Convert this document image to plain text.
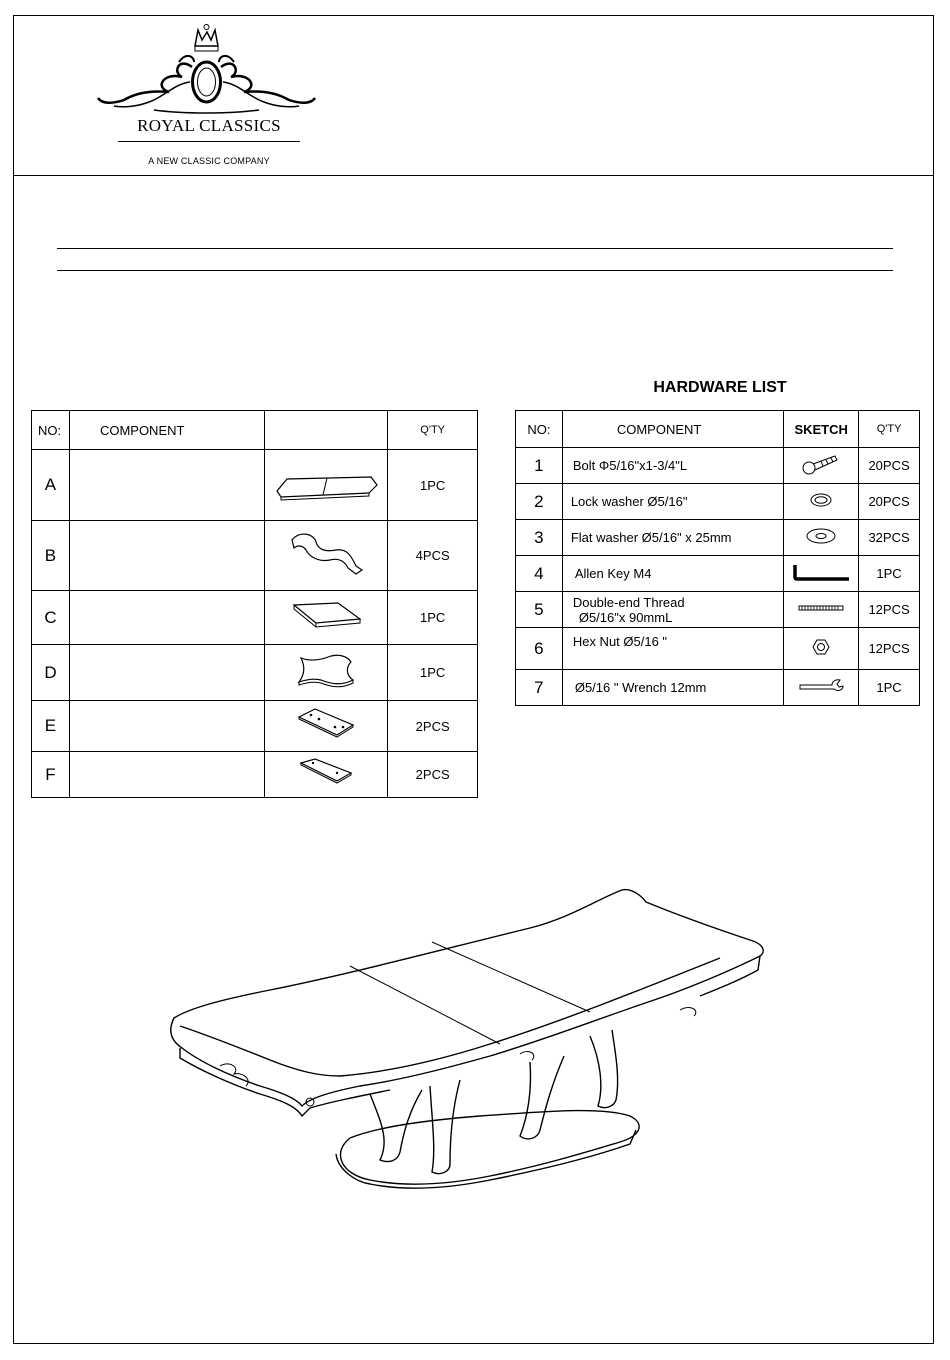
ROYAL CLASSICS
A NEW CLASSIC COMPANY
NO:	COMPONENT		Q'TY
A			1PC
B			4PCS
C			1PC
D			1PC
E			2PCS
F			2PCS
HARDWARE LIST
NO:	COMPONENT	SKETCH	Q'TY
1	Bolt Φ5/16"x1-3/4"L		20PCS
2	Lock washer Ø5/16"		20PCS
3	Flat washer Ø5/16" x 25mm		32PCS
4	Allen Key M4		1PC
5	Double-end Thread
Ø5/16"x 90mmL		12PCS
6	Hex Nut Ø5/16 "		12PCS
7	Ø5/16 " Wrench 12mm		1PC
